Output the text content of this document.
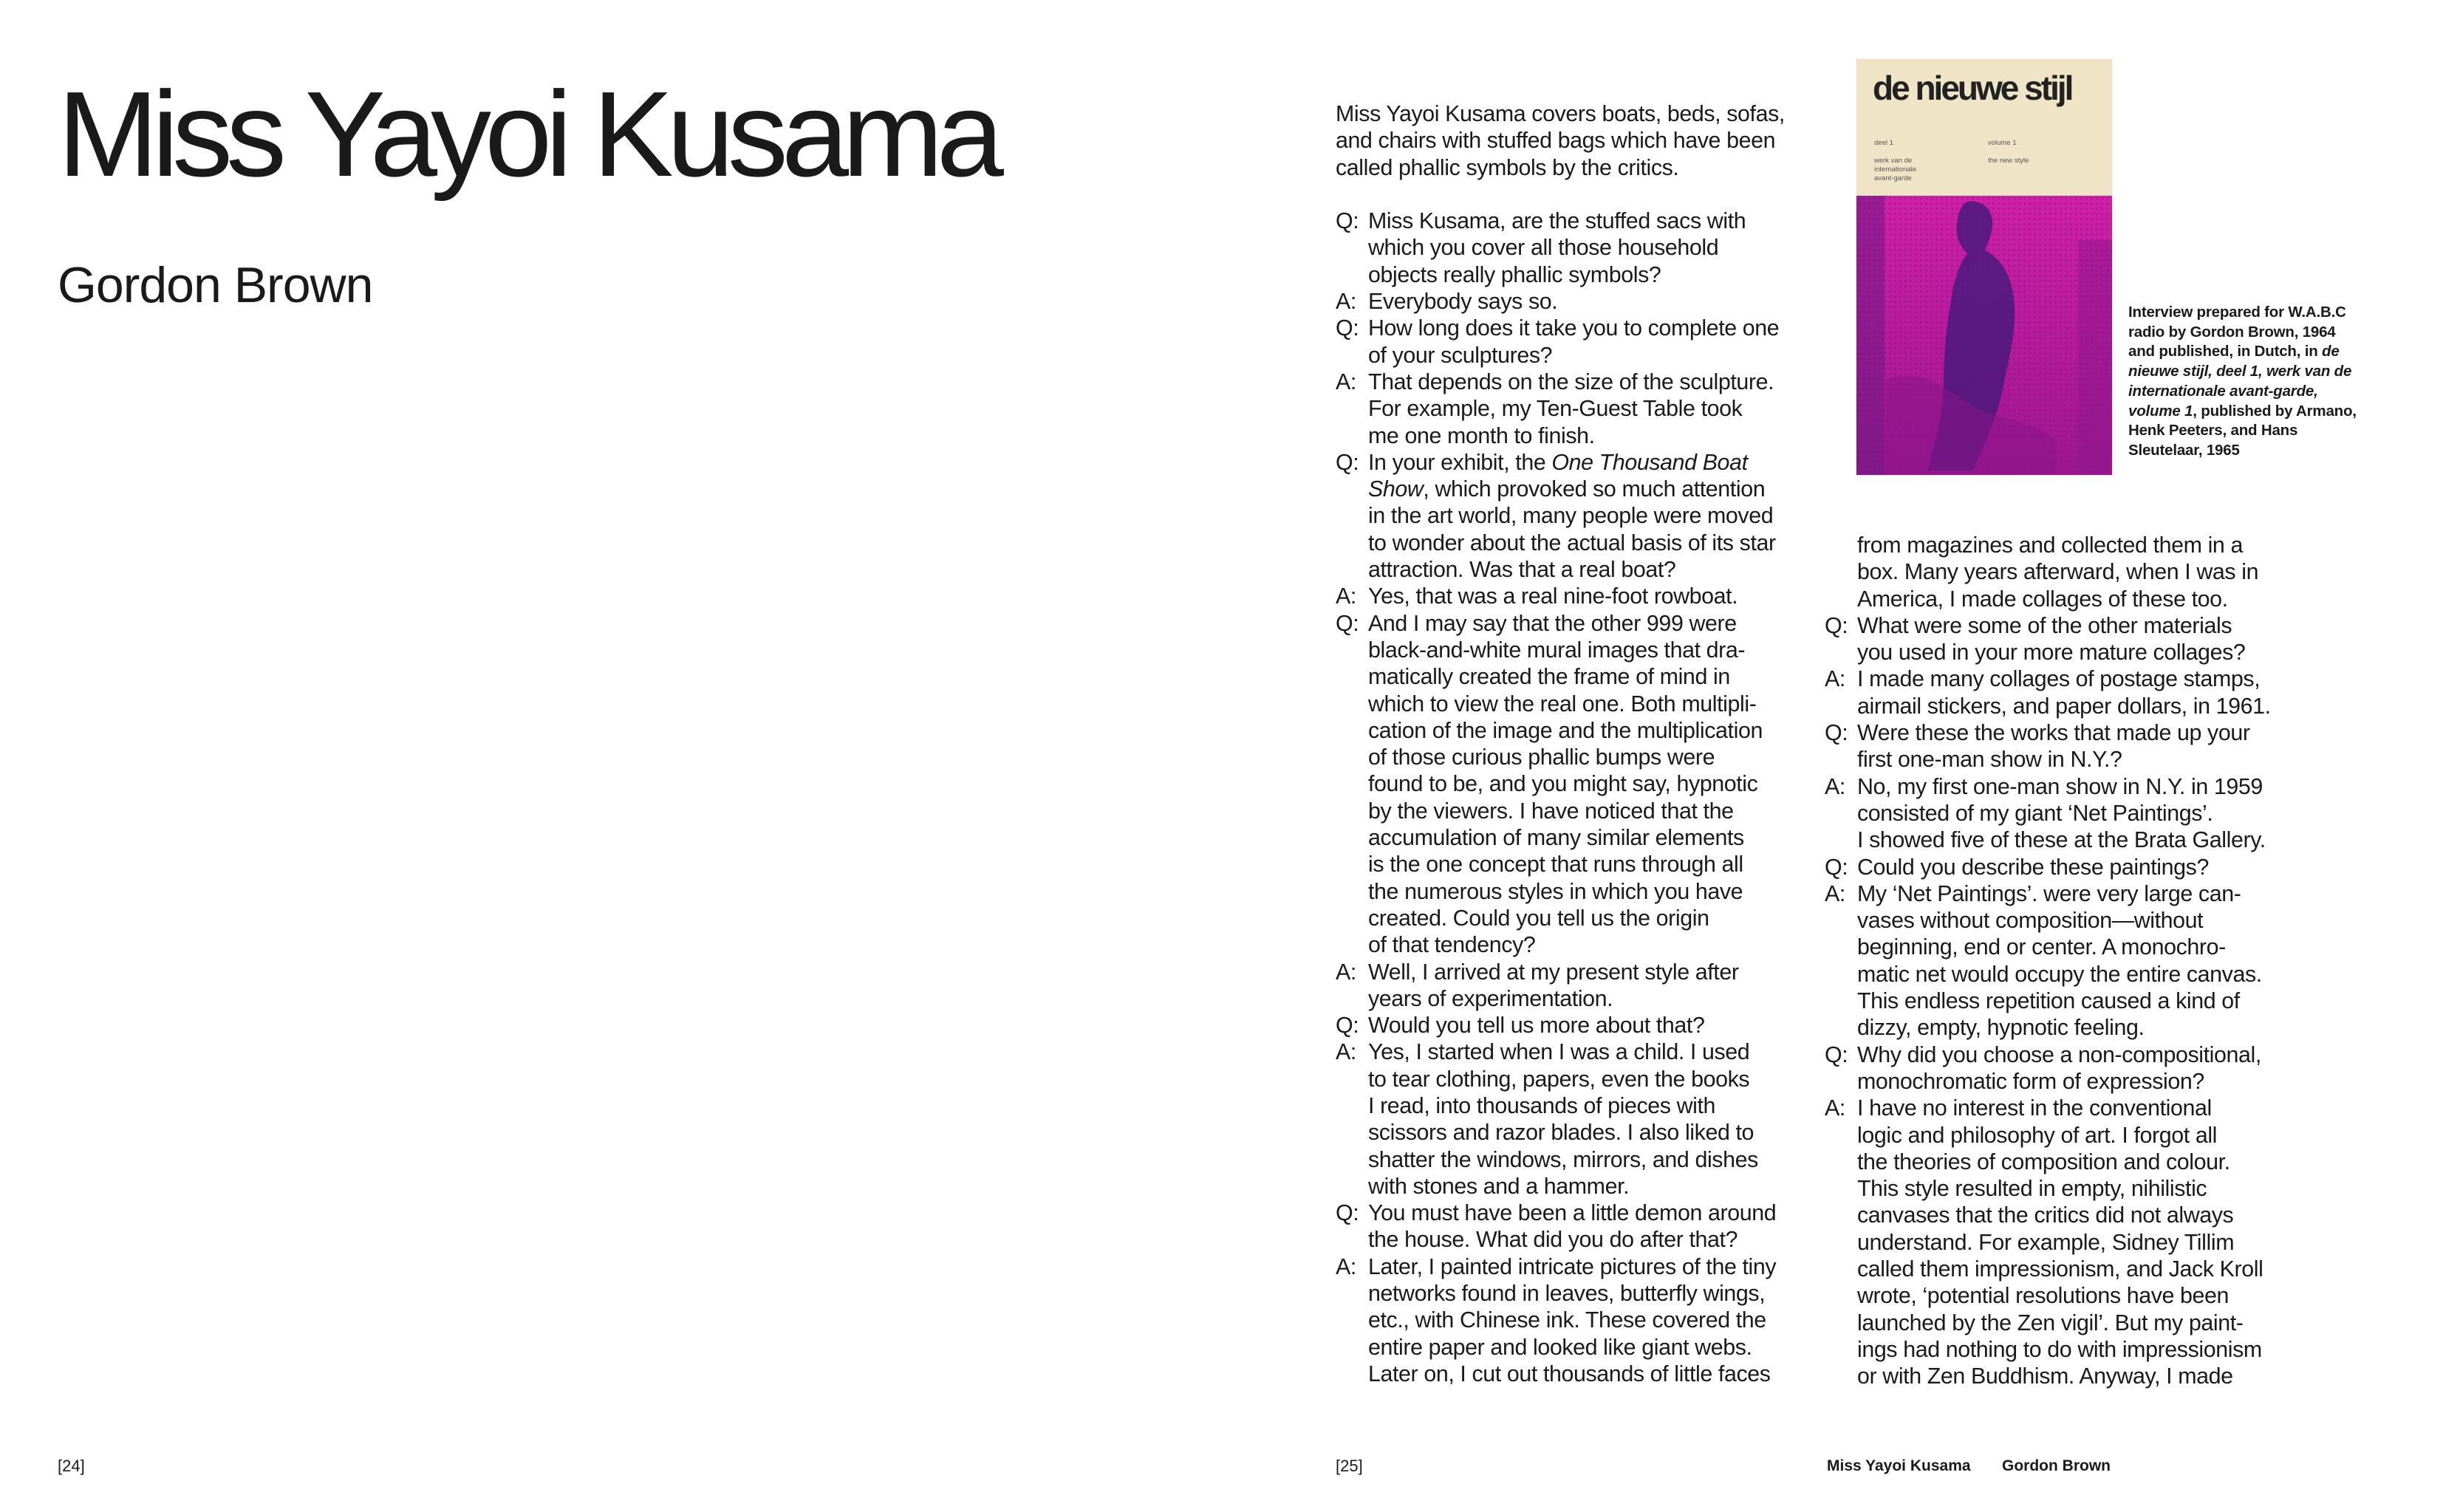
Miss Yayoi Kusama
Gordon Brown
[24]

Miss Yayoi Kusama covers boats, beds, sofas,
and chairs with stuffed bags which have been
called phallic symbols by the critics.

Q: Miss Kusama, are the stuffed sacs with
which you cover all those household
objects really phallic symbols?
A: Everybody says so.
Q: How long does it take you to complete one
of your sculptures?
A: That depends on the size of the sculpture.
For example, my Ten-Guest Table took
me one month to finish.
Q: In your exhibit, the One Thousand Boat
Show, which provoked so much attention
in the art world, many people were moved
to wonder about the actual basis of its star
attraction. Was that a real boat?
A: Yes, that was a real nine-foot rowboat.
Q: And I may say that the other 999 were
black-and-white mural images that dra-
matically created the frame of mind in
which to view the real one. Both multipli-
cation of the image and the multiplication
of those curious phallic bumps were
found to be, and you might say, hypnotic
by the viewers. I have noticed that the
accumulation of many similar elements
is the one concept that runs through all
the numerous styles in which you have
created. Could you tell us the origin
of that tendency?
A: Well, I arrived at my present style after
years of experimentation.
Q: Would you tell us more about that?
A: Yes, I started when I was a child. I used
to tear clothing, papers, even the books
I read, into thousands of pieces with
scissors and razor blades. I also liked to
shatter the windows, mirrors, and dishes
with stones and a hammer.
Q: You must have been a little demon around
the house. What did you do after that?
A: Later, I painted intricate pictures of the tiny
networks found in leaves, butterfly wings,
etc., with Chinese ink. These covered the
entire paper and looked like giant webs.
Later on, I cut out thousands of little faces
de nieuwe stijl
deel 1

werk van de
internationale
avant-garde
volume 1

the new style
Interview prepared for W.A.B.C radio by Gordon Brown, 1964 and published, in Dutch, in de nieuwe stijl, deel 1, werk van de internationale avant-garde, volume 1, published by Armano, Henk Peeters, and Hans Sleutelaar, 1965

from magazines and collected them in a
box. Many years afterward, when I was in
America, I made collages of these too.

Q: What were some of the other materials
you used in your more mature collages?
A: I made many collages of postage stamps,
airmail stickers, and paper dollars, in 1961.
Q: Were these the works that made up your
first one-man show in N.Y.?
A: No, my first one-man show in N.Y. in 1959
consisted of my giant ‘Net Paintings’.
I showed five of these at the Brata Gallery.
Q: Could you describe these paintings?
A: My ‘Net Paintings’. were very large can-
vases without composition—without
beginning, end or center. A monochro-
matic net would occupy the entire canvas.
This endless repetition caused a kind of
dizzy, empty, hypnotic feeling.
Q: Why did you choose a non-compositional,
monochromatic form of expression?
A: I have no interest in the conventional
logic and philosophy of art. I forgot all
the theories of composition and colour.
This style resulted in empty, nihilistic
canvases that the critics did not always
understand. For example, Sidney Tillim
called them impressionism, and Jack Kroll
wrote, ‘potential resolutions have been
launched by the Zen vigil’. But my paint-
ings had nothing to do with impressionism
or with Zen Buddhism. Anyway, I made
[25]	Miss Yayoi Kusama Gordon Brown
